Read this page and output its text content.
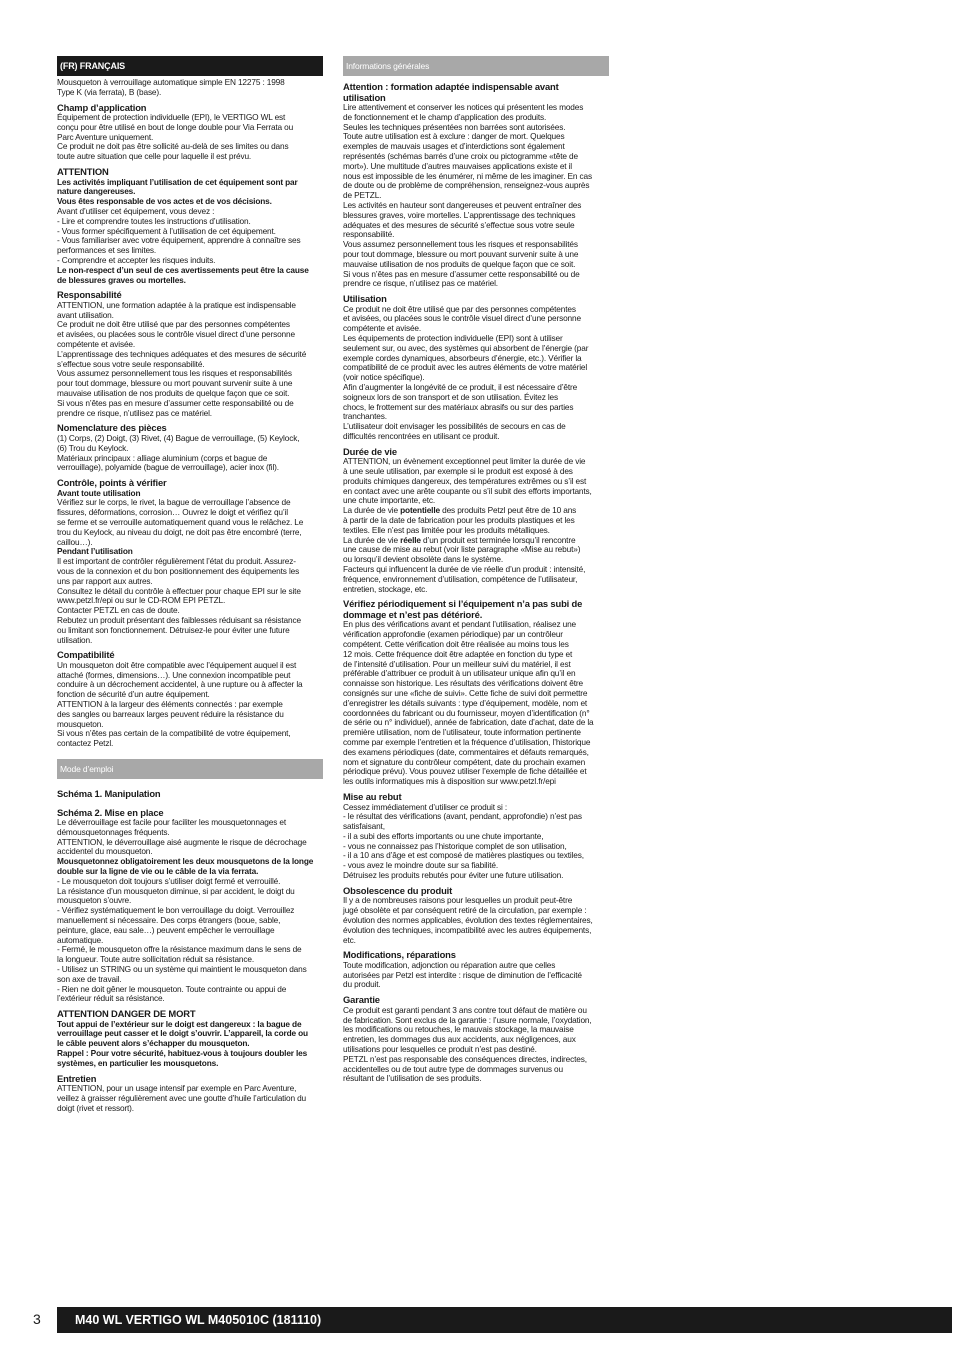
(FR) FRANÇAIS

Mousqueton à verrouillage automatique simple EN 12275 : 1998
Type K (via ferrata), B (base).

Champ d’application

Équipement de protection individuelle (EPI), le VERTIGO WL est
conçu pour être utilisé en bout de longe double pour Via Ferrata ou
Parc Aventure uniquement.
Ce produit ne doit pas être sollicité au-delà de ses limites ou dans
toute autre situation que celle pour laquelle il est prévu.

ATTENTION

Les activités impliquant l’utilisation de cet équipement sont par
nature dangereuses.
Vous êtes responsable de vos actes et de vos décisions.

Avant d’utiliser cet équipement, vous devez :
- Lire et comprendre toutes les instructions d’utilisation.
- Vous former spécifiquement à l’utilisation de cet équipement.
- Vous familiariser avec votre équipement, apprendre à connaître ses
performances et ses limites.
- Comprendre et accepter les risques induits.

Le non-respect d’un seul de ces avertissements peut être la cause
de blessures graves ou mortelles.

Responsabilité

ATTENTION, une formation adaptée à la pratique est indispensable
avant utilisation.
Ce produit ne doit être utilisé que par des personnes compétentes
et avisées, ou placées sous le contrôle visuel direct d’une personne
compétente et avisée.
L’apprentissage des techniques adéquates et des mesures de sécurité
s’effectue sous votre seule responsabilité.
Vous assumez personnellement tous les risques et responsabilités
pour tout dommage, blessure ou mort pouvant survenir suite à une
mauvaise utilisation de nos produits de quelque façon que ce soit.
Si vous n’êtes pas en mesure d’assumer cette responsabilité ou de
prendre ce risque, n’utilisez pas ce matériel.

Nomenclature des pièces

(1) Corps, (2) Doigt, (3) Rivet, (4) Bague de verrouillage, (5) Keylock,
(6) Trou du Keylock.
Matériaux principaux : alliage aluminium (corps et bague de
verrouillage), polyamide (bague de verrouillage), acier inox (fil).

Contrôle, points à vérifier

Avant toute utilisation

Vérifiez sur le corps, le rivet, la bague de verrouillage l’absence de
fissures, déformations, corrosion… Ouvrez le doigt et vérifiez qu’il
se ferme et se verrouille automatiquement quand vous le relâchez. Le
trou du Keylock, au niveau du doigt, ne doit pas être encombré (terre,
caillou…).

Pendant l’utilisation

Il est important de contrôler régulièrement l’état du produit. Assurez-
vous de la connexion et du bon positionnement des équipements les
uns par rapport aux autres.
Consultez le détail du contrôle à effectuer pour chaque EPI sur le site
www.petzl.fr/epi ou sur le CD-ROM EPI PETZL.
Contacter PETZL en cas de doute.
Rebutez un produit présentant des faiblesses réduisant sa résistance
ou limitant son fonctionnement. Détruisez-le pour éviter une future
utilisation.

Compatibilité

Un mousqueton doit être compatible avec l’équipement auquel il est
attaché (formes, dimensions…). Une connexion incompatible peut
conduire à un décrochement accidentel, à une rupture ou à affecter la
fonction de sécurité d’un autre équipement.
ATTENTION à la largeur des éléments connectés : par exemple
des sangles ou barreaux larges peuvent réduire la résistance du
mousqueton.
Si vous n’êtes pas certain de la compatibilité de votre équipement,
contactez Petzl.

Mode d’emploi
Schéma 1. Manipulation
Schéma 2. Mise en place

Le déverrouillage est facile pour faciliter les mousquetonnages et
démousquetonnages fréquents.
ATTENTION, le déverrouillage aisé augmente le risque de décrochage
accidentel du mousqueton.

Mousquetonnez obligatoirement les deux mousquetons de la longe
double sur la ligne de vie ou le câble de la via ferrata.

- Le mousqueton doit toujours s’utiliser doigt fermé et verrouillé.
La résistance d’un mousqueton diminue, si par accident, le doigt du
mousqueton s’ouvre.
- Vérifiez systématiquement le bon verrouillage du doigt. Verrouillez
manuellement si nécessaire. Des corps étrangers (boue, sable,
peinture, glace, eau sale…) peuvent empêcher le verrouillage
automatique.
- Fermé, le mousqueton offre la résistance maximum dans le sens de
la longueur. Toute autre sollicitation réduit sa résistance.
- Utilisez un STRING ou un système qui maintient le mousqueton dans
son axe de travail.
- Rien ne doit gêner le mousqueton. Toute contrainte ou appui de
l’extérieur réduit sa résistance.

ATTENTION DANGER DE MORT

Tout appui de l’extérieur sur le doigt est dangereux : la bague de
verrouillage peut casser et le doigt s’ouvrir. L’appareil, la corde ou
le câble peuvent alors s’échapper du mousqueton.
Rappel : Pour votre sécurité, habituez-vous à toujours doubler les
systèmes, en particulier les mousquetons.

Entretien

ATTENTION, pour un usage intensif par exemple en Parc Aventure,
veillez à graisser régulièrement avec une goutte d’huile l’articulation du
doigt (rivet et ressort).

Informations générales
Attention : formation adaptée indispensable avant
utilisation

Lire attentivement et conserver les notices qui présentent les modes
de fonctionnement et le champ d’application des produits.
Seules les techniques présentées non barrées sont autorisées.
Toute autre utilisation est à exclure : danger de mort. Quelques
exemples de mauvais usages et d’interdictions sont également
représentés (schémas barrés d’une croix ou pictogramme «tête de
mort»). Une multitude d’autres mauvaises applications existe et il
nous est impossible de les énumérer, ni même de les imaginer. En cas
de doute ou de problème de compréhension, renseignez-vous auprès
de PETZL.
Les activités en hauteur sont dangereuses et peuvent entraîner des
blessures graves, voire mortelles. L’apprentissage des techniques
adéquates et des mesures de sécurité s’effectue sous votre seule
responsabilité.
Vous assumez personnellement tous les risques et responsabilités
pour tout dommage, blessure ou mort pouvant survenir suite à une
mauvaise utilisation de nos produits de quelque façon que ce soit.
Si vous n’êtes pas en mesure d’assumer cette responsabilité ou de
prendre ce risque, n’utilisez pas ce matériel.

Utilisation

Ce produit ne doit être utilisé que par des personnes compétentes
et avisées, ou placées sous le contrôle visuel direct d’une personne
compétente et avisée.
Les équipements de protection individuelle (EPI) sont à utiliser
seulement sur, ou avec, des systèmes qui absorbent de l’énergie (par
exemple cordes dynamiques, absorbeurs d’énergie, etc.). Vérifier la
compatibilité de ce produit avec les autres éléments de votre matériel
(voir notice spécifique).
Afin d’augmenter la longévité de ce produit, il est nécessaire d’être
soigneux lors de son transport et de son utilisation. Évitez les
chocs, le frottement sur des matériaux abrasifs ou sur des parties
tranchantes.
L’utilisateur doit envisager les possibilités de secours en cas de
difficultés rencontrées en utilisant ce produit.

Durée de vie

ATTENTION, un évènement exceptionnel peut limiter la durée de vie
à une seule utilisation, par exemple si le produit est exposé à des
produits chimiques dangereux, des températures extrêmes ou s’il est
en contact avec une arête coupante ou s’il subit des efforts importants,
une chute importante, etc.

La durée de vie potentielle des produits Petzl peut être de 10 ans
à partir de la date de fabrication pour les produits plastiques et les
textiles. Elle n’est pas limitée pour les produits métalliques.

La durée de vie réelle d’un produit est terminée lorsqu’il rencontre
une cause de mise au rebut (voir liste paragraphe «Mise au rebut»)
ou lorsqu’il devient obsolète dans le système.
Facteurs qui influencent la durée de vie réelle d’un produit : intensité,
fréquence, environnement d’utilisation, compétence de l’utilisateur,
entretien, stockage, etc.

Vérifiez périodiquement si l’équipement n’a pas subi de
dommage et n’est pas détérioré.

En plus des vérifications avant et pendant l’utilisation, réalisez une
vérification approfondie (examen périodique) par un contrôleur
compétent. Cette vérification doit être réalisée au moins tous les
12 mois. Cette fréquence doit être adaptée en fonction du type et
de l’intensité d’utilisation. Pour un meilleur suivi du matériel, il est
préférable d’attribuer ce produit à un utilisateur unique afin qu’il en
connaisse son historique. Les résultats des vérifications doivent être
consignés sur une «fiche de suivi». Cette fiche de suivi doit permettre
d’enregistrer les détails suivants : type d’équipement, modèle, nom et
coordonnées du fabricant ou du fournisseur, moyen d’identification (n°
de série ou n° individuel), année de fabrication, date d’achat, date de la
première utilisation, nom de l’utilisateur, toute information pertinente
comme par exemple l’entretien et la fréquence d’utilisation, l’historique
des examens périodiques (date, commentaires et défauts remarqués,
nom et signature du contrôleur compétent, date du prochain examen
périodique prévu). Vous pouvez utiliser l’exemple de fiche détaillée et
les outils informatiques mis à disposition sur www.petzl.fr/epi

Mise au rebut

Cessez immédiatement d’utiliser ce produit si :
- le résultat des vérifications (avant, pendant, approfondie) n’est pas
satisfaisant,
- il a subi des efforts importants ou une chute importante,
- vous ne connaissez pas l’historique complet de son utilisation,
- il a 10 ans d’âge et est composé de matières plastiques ou textiles,
- vous avez le moindre doute sur sa fiabilité.
Détruisez les produits rebutés pour éviter une future utilisation.

Obsolescence du produit

Il y a de nombreuses raisons pour lesquelles un produit peut-être
jugé obsolète et par conséquent retiré de la circulation, par exemple :
évolution des normes applicables, évolution des textes réglementaires,
évolution des techniques, incompatibilité avec les autres équipements,
etc.

Modifications, réparations

Toute modification, adjonction ou réparation autre que celles
autorisées par Petzl est interdite : risque de diminution de l’efficacité
du produit.

Garantie

Ce produit est garanti pendant 3 ans contre tout défaut de matière ou
de fabrication. Sont exclus de la garantie : l’usure normale, l’oxydation,
les modifications ou retouches, le mauvais stockage, la mauvaise
entretien, les dommages dus aux accidents, aux négligences, aux
utilisations pour lesquelles ce produit n’est pas destiné.
PETZL n’est pas responsable des conséquences directes, indirectes,
accidentelles ou de tout autre type de dommages survenus ou
résultant de l’utilisation de ses produits.

3	M40 WL VERTIGO WL M405010C (181110)
